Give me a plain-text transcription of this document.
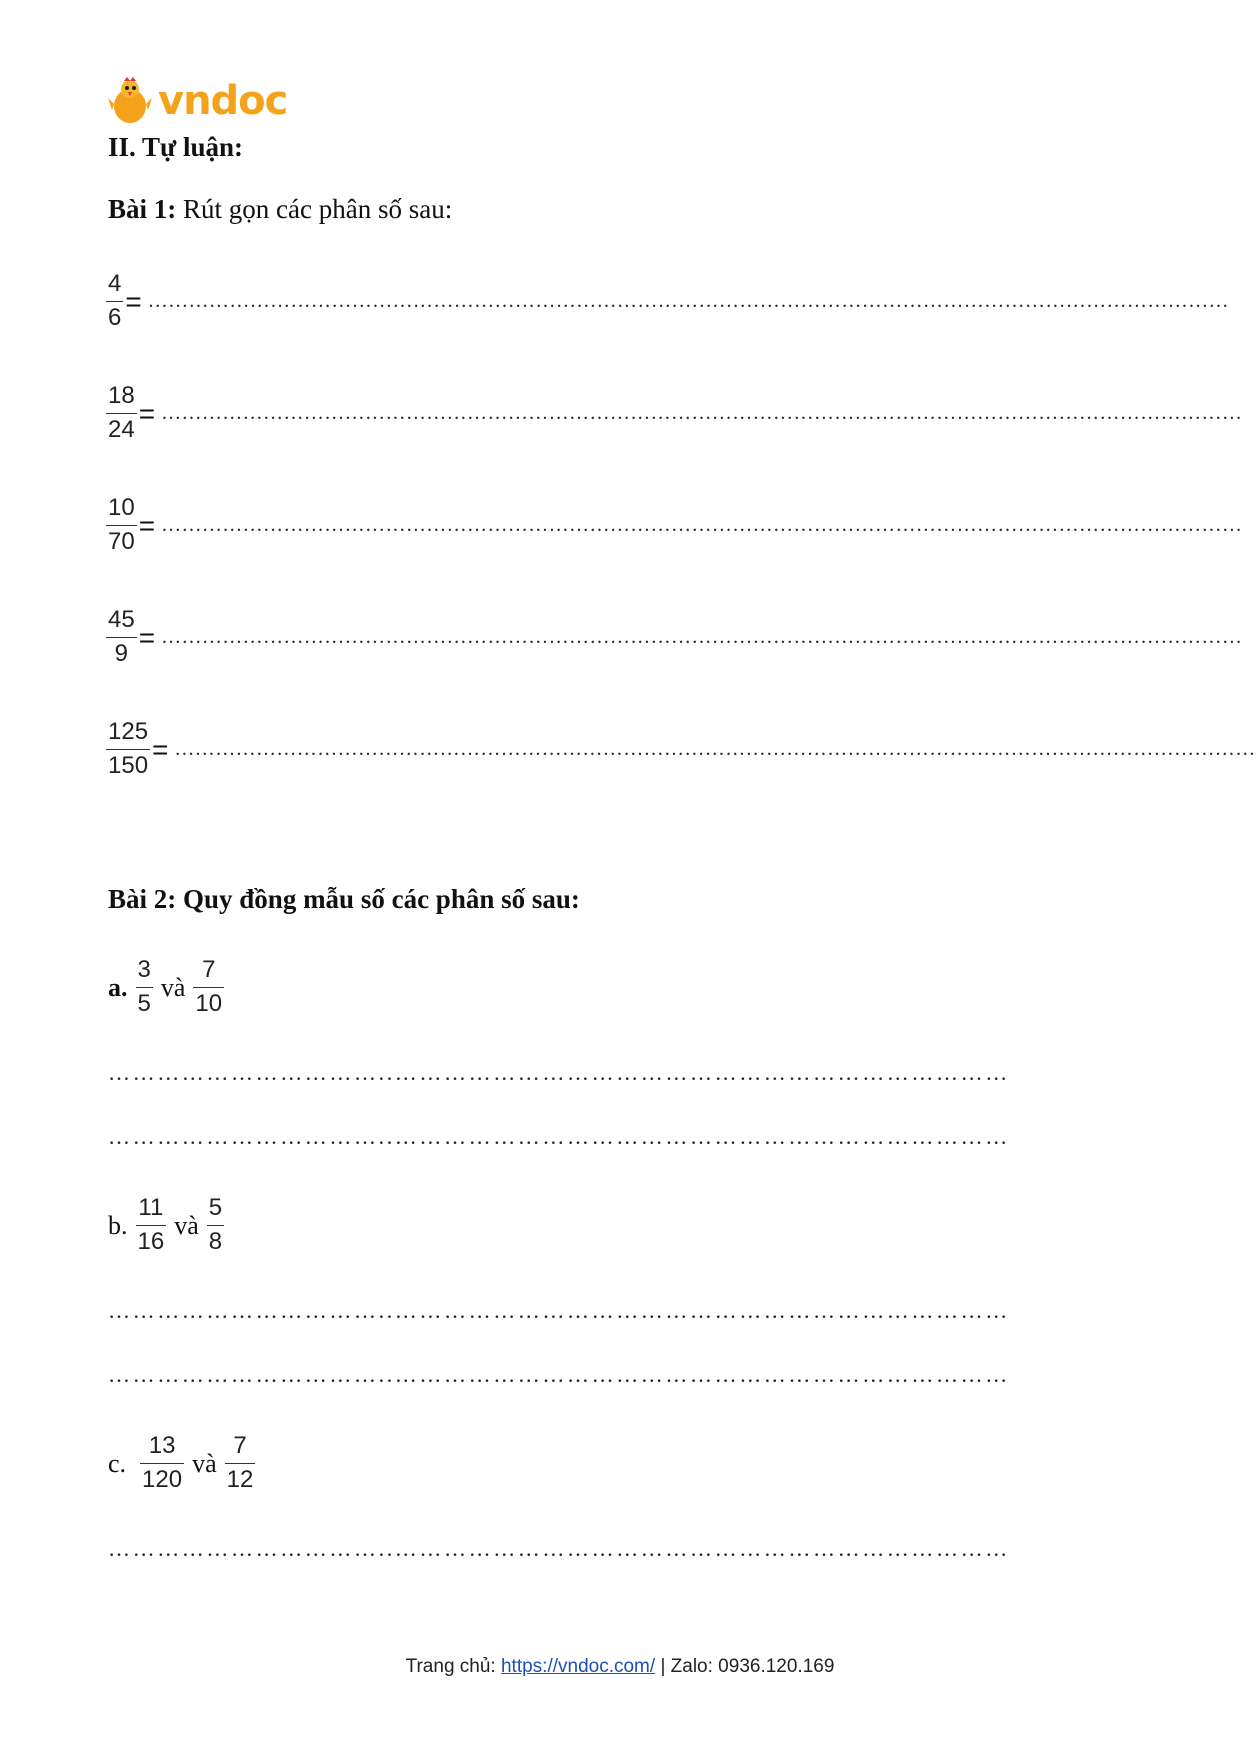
vndoc
II. Tự luận:
Bài 1: Rút gọn các phân số sau:
$\frac{4}{6}$ = ……………………………………………………………………………………………………………………………………………
$\frac{18}{24}$ = ……………………………………………………………………………………………………………………………………………
$\frac{10}{70}$ = ……………………………………………………………………………………………………………………………………………
$\frac{45}{9}$ = ……………………………………………………………………………………………………………………………………………
$\frac{125}{150}$ = ……………………………………………………………………………………………………………………………………………
Bài 2: Quy đồng mẫu số các phân số sau:
a. $\frac{3}{5}$ và $\frac{7}{10}$
……………………………..…………………………………………………………………
……………………………..…………………………………………………………………
b. $\frac{11}{16}$ và $\frac{5}{8}$
……………………………..…………………………………………………………………
……………………………..…………………………………………………………………
c. $\frac{13}{120}$ và $\frac{7}{12}$
……………………………..…………………………………………………………………
Trang chủ: https://vndoc.com/ | Zalo: 0936.120.169
